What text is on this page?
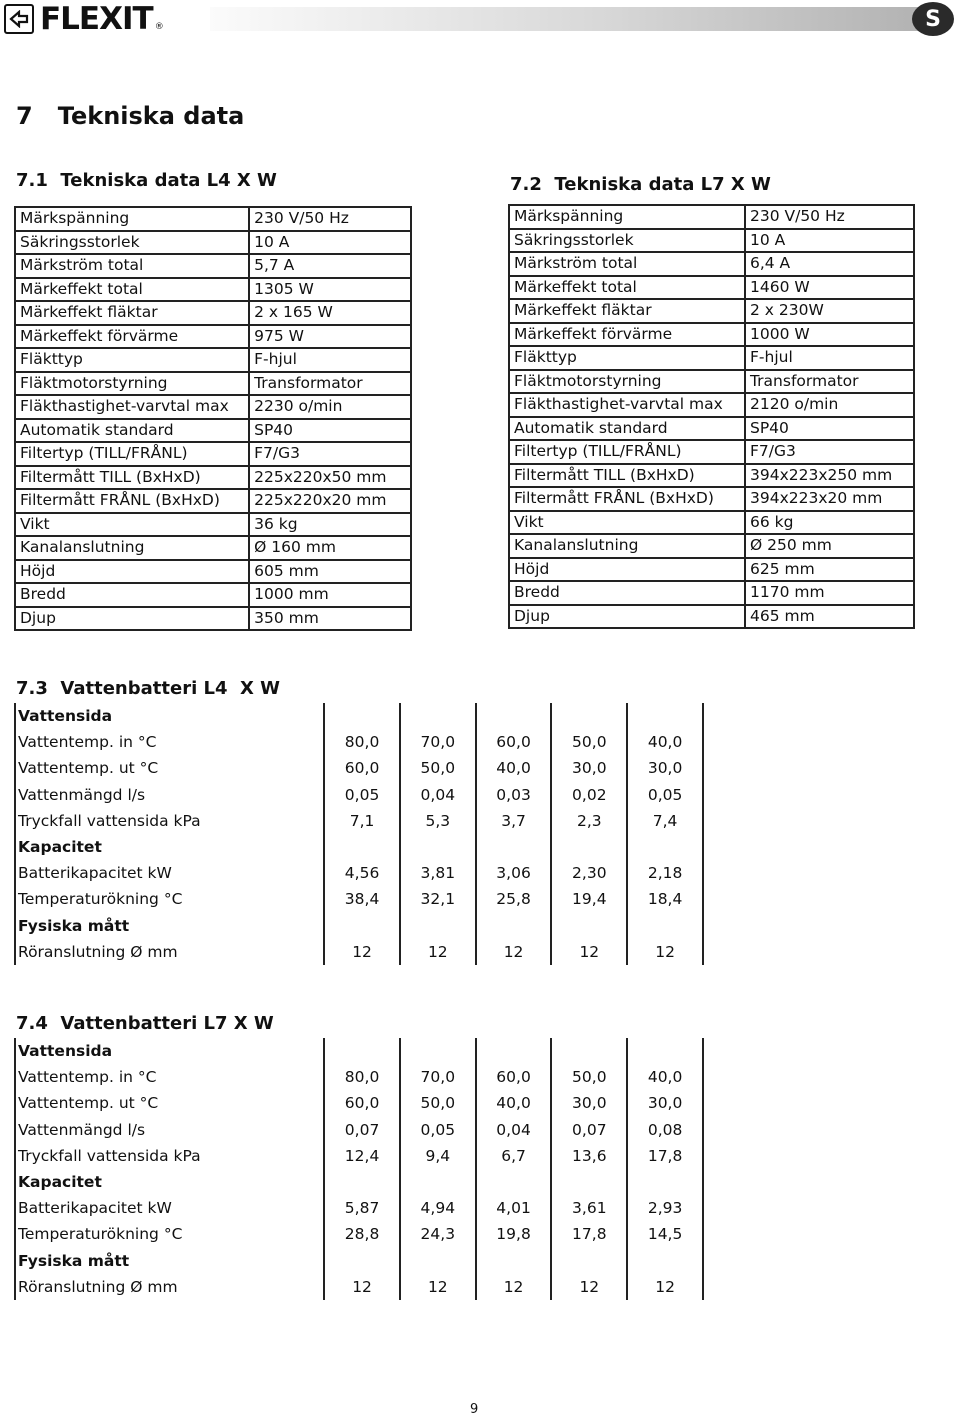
FLEXIT ®	S
7   Tekniska data
7.1  Tekniska data L4 X W
Märkspänning	230 V/50 Hz
Säkringsstorlek	10 A
Märkström total	5,7 A
Märkeffekt total	1305 W
Märkeffekt fläktar	2 x 165 W
Märkeffekt förvärme	975 W
Fläkttyp	F-hjul
Fläktmotorstyrning	Transformator
Fläkthastighet-varvtal max	2230 o/min
Automatik standard	SP40
Filtertyp (TILL/FRÅNL)	F7/G3
Filtermått TILL (BxHxD)	225x220x50 mm
Filtermått FRÅNL (BxHxD)	225x220x20 mm
Vikt	36 kg
Kanalanslutning	Ø 160 mm
Höjd	605 mm
Bredd	1000 mm
Djup	350 mm
7.2  Tekniska data L7 X W
Märkspänning	230 V/50 Hz
Säkringsstorlek	10 A
Märkström total	6,4 A
Märkeffekt total	1460 W
Märkeffekt fläktar	2 x 230W
Märkeffekt förvärme	1000 W
Fläkttyp	F-hjul
Fläktmotorstyrning	Transformator
Fläkthastighet-varvtal max	2120 o/min
Automatik standard	SP40
Filtertyp (TILL/FRÅNL)	F7/G3
Filtermått TILL (BxHxD)	394x223x250 mm
Filtermått FRÅNL (BxHxD)	394x223x20 mm
Vikt	66 kg
Kanalanslutning	Ø 250 mm
Höjd	625 mm
Bredd	1170 mm
Djup	465 mm
7.3  Vattenbatteri L4  X W
Vattensida					
Vattentemp. in °C	80,0	70,0	60,0	50,0	40,0
Vattentemp. ut °C	60,0	50,0	40,0	30,0	30,0
Vattenmängd l/s	0,05	0,04	0,03	0,02	0,05
Tryckfall vattensida kPa	7,1	5,3	3,7	2,3	7,4
Kapacitet					
Batterikapacitet kW	4,56	3,81	3,06	2,30	2,18
Temperaturökning °C	38,4	32,1	25,8	19,4	18,4
Fysiska mått					
Röranslutning Ø mm	12	12	12	12	12
7.4  Vattenbatteri L7 X W
Vattensida					
Vattentemp. in °C	80,0	70,0	60,0	50,0	40,0
Vattentemp. ut °C	60,0	50,0	40,0	30,0	30,0
Vattenmängd l/s	0,07	0,05	0,04	0,07	0,08
Tryckfall vattensida kPa	12,4	9,4	6,7	13,6	17,8
Kapacitet					
Batterikapacitet kW	5,87	4,94	4,01	3,61	2,93
Temperaturökning °C	28,8	24,3	19,8	17,8	14,5
Fysiska mått					
Röranslutning Ø mm	12	12	12	12	12
9
